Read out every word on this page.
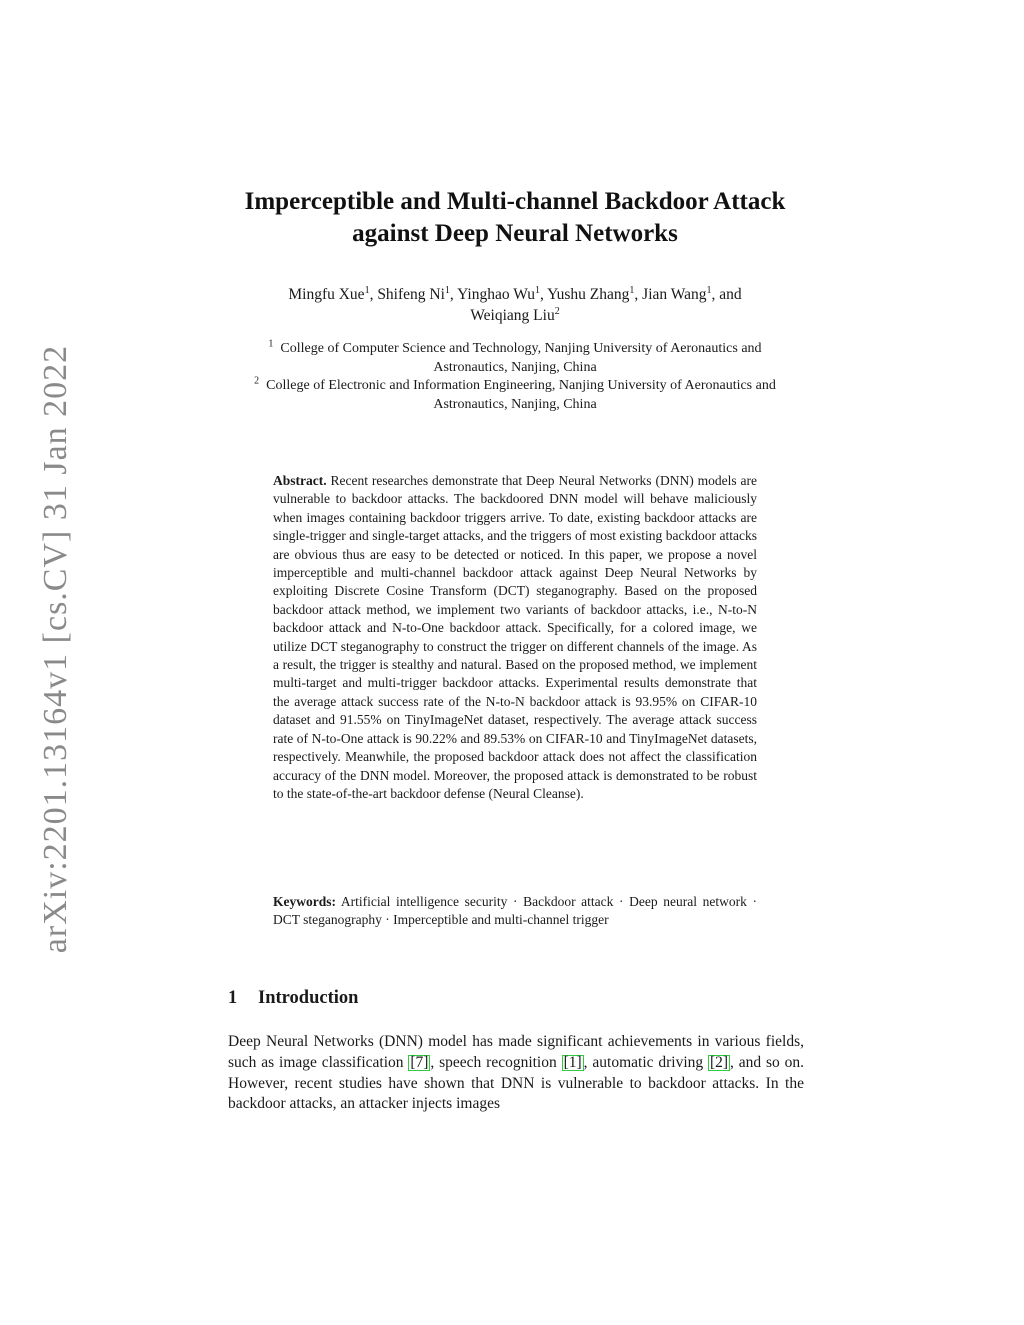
arXiv:2201.13164v1 [cs.CV] 31 Jan 2022
Imperceptible and Multi-channel Backdoor Attack against Deep Neural Networks
Mingfu Xue$^1$, Shifeng Ni$^1$, Yinghao Wu$^1$, Yushu Zhang$^1$, Jian Wang$^1$, and
Weiqiang Liu$^2$
$^1$ College of Computer Science and Technology, Nanjing University of Aeronautics and Astronautics, Nanjing, China
$^2$ College of Electronic and Information Engineering, Nanjing University of Aeronautics and Astronautics, Nanjing, China
Abstract. Recent researches demonstrate that Deep Neural Networks (DNN) models are vulnerable to backdoor attacks. The backdoored DNN model will behave maliciously when images containing backdoor triggers arrive. To date, existing backdoor attacks are single-trigger and single-target attacks, and the triggers of most existing backdoor attacks are obvious thus are easy to be detected or noticed. In this paper, we propose a novel imperceptible and multi-channel backdoor attack against Deep Neural Networks by exploiting Discrete Cosine Transform (DCT) steganography. Based on the proposed backdoor attack method, we implement two variants of backdoor attacks, i.e., N-to-N backdoor attack and N-to-One backdoor attack. Specifically, for a colored image, we utilize DCT steganography to construct the trigger on different channels of the image. As a result, the trigger is stealthy and natural. Based on the proposed method, we implement multi-target and multi-trigger backdoor attacks. Experimental results demonstrate that the average attack success rate of the N-to-N backdoor attack is 93.95% on CIFAR-10 dataset and 91.55% on TinyImageNet dataset, respectively. The average attack success rate of N-to-One attack is 90.22% and 89.53% on CIFAR-10 and TinyImageNet datasets, respectively. Meanwhile, the proposed backdoor attack does not affect the classification accuracy of the DNN model. Moreover, the proposed attack is demonstrated to be robust to the state-of-the-art backdoor defense (Neural Cleanse).
Keywords: Artificial intelligence security · Backdoor attack · Deep neural network · DCT steganography · Imperceptible and multi-channel trigger
1 Introduction
Deep Neural Networks (DNN) model has made significant achievements in various fields, such as image classification [7] , speech recognition [1] , automatic driving [2] , and so on. However, recent studies have shown that DNN is vulnerable to backdoor attacks. In the backdoor attacks, an attacker injects images
